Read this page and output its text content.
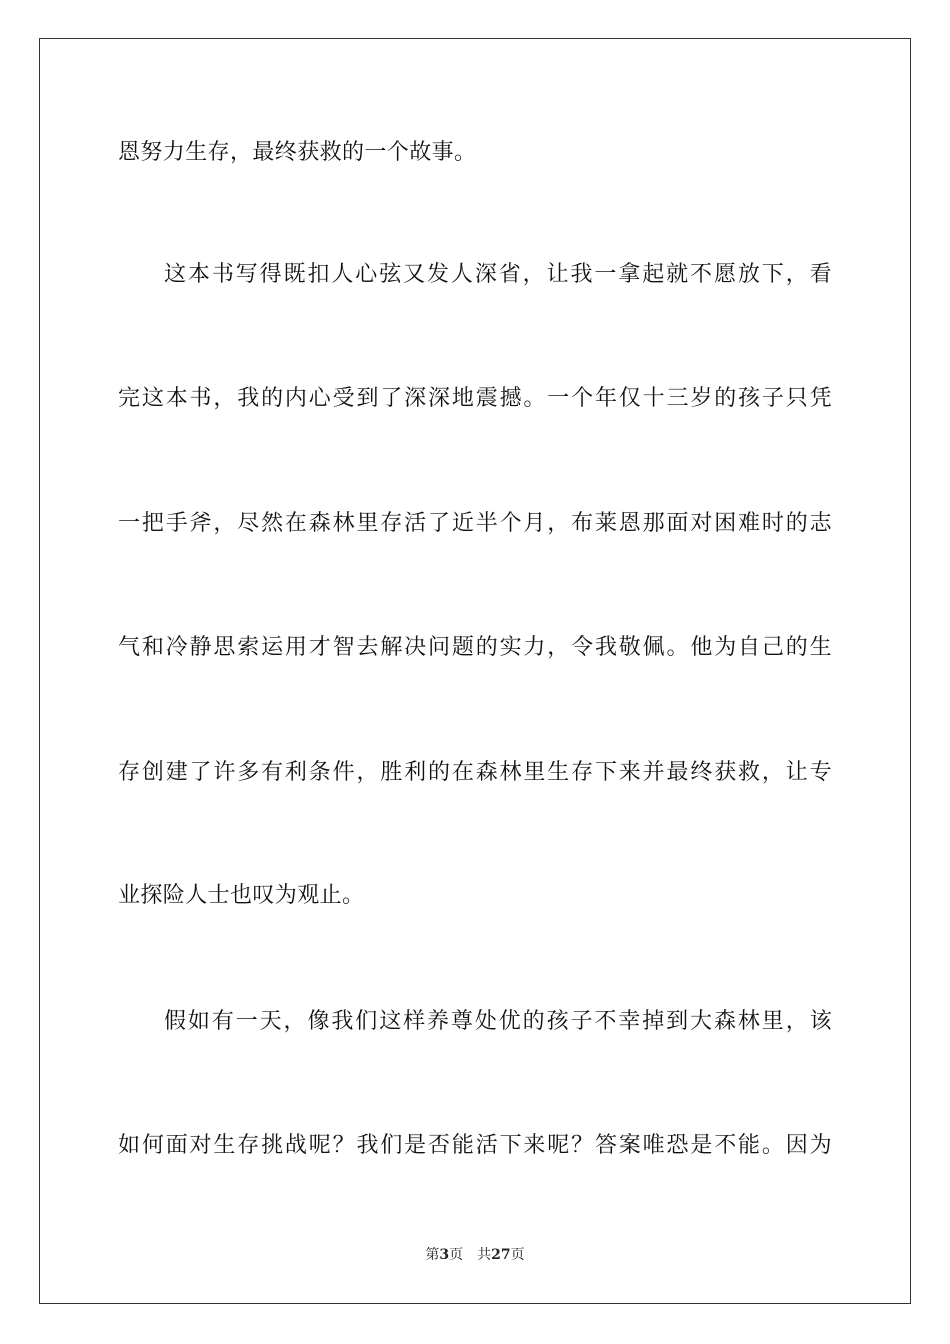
恩努力生存，最终获救的一个故事。
这本书写得既扣人心弦又发人深省，让我一拿起就不愿放下，看
完这本书，我的内心受到了深深地震撼。一个年仅十三岁的孩子只凭
一把手斧，尽然在森林里存活了近半个月，布莱恩那面对困难时的志
气和冷静思索运用才智去解决问题的实力，令我敬佩。他为自己的生
存创建了许多有利条件，胜利的在森林里生存下来并最终获救，让专
业探险人士也叹为观止。
假如有一天，像我们这样养尊处优的孩子不幸掉到大森林里，该
如何面对生存挑战呢？我们是否能活下来呢？答案唯恐是不能。因为
第3页 共27页
